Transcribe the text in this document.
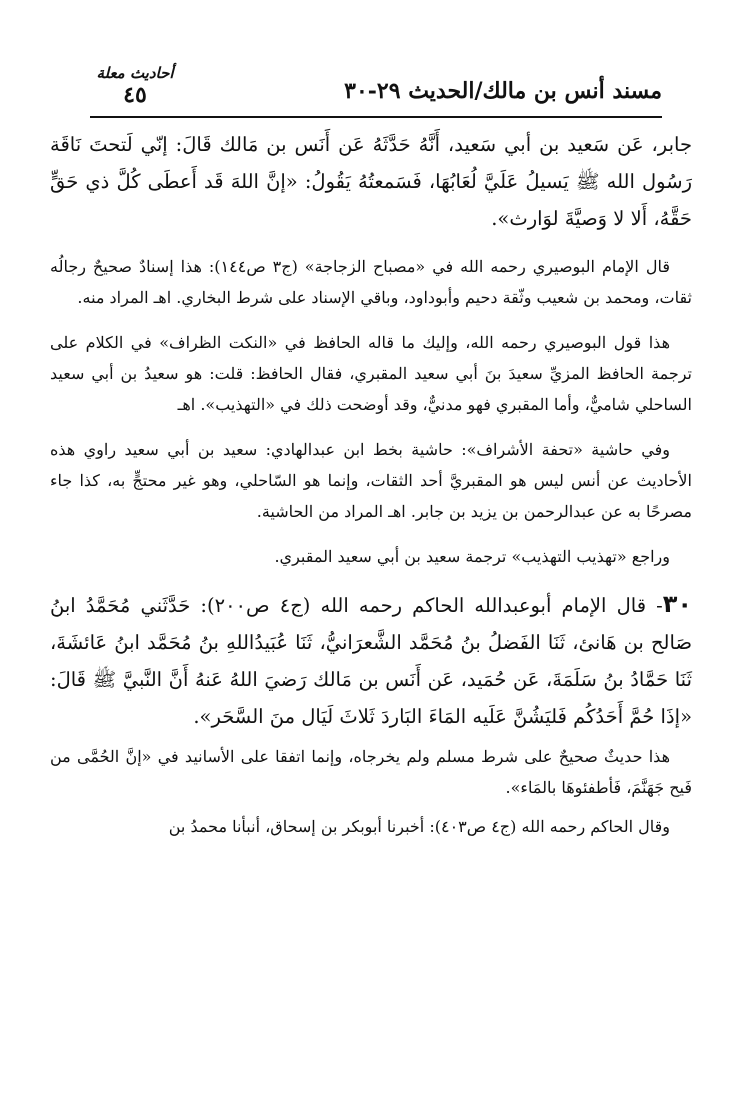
مسند أنس بن مالك/الحديث ٢٩-٣٠
أحاديث معلة
٤٥

جابر، عَن سَعيد بن أبي سَعيد، أَنَّهُ حَدَّثَهُ عَن أَنَس بن مَالك قَالَ: إنّي لَتحتَ نَاقَة رَسُول الله ﷺ يَسيلُ عَلَيَّ لُعَابُهَا، فَسَمعتُهُ يَقُولُ: «إنَّ اللهَ قَد أَعطَى كُلَّ ذي حَقٍّ حَقَّهُ، أَلا لا وَصيَّةَ لوَارث».

قال الإمام البوصيري رحمه الله في «مصباح الزجاجة» (ج٣ ص١٤٤): هذا إسنادٌ صحيحٌ رجالُه ثقات، ومحمد بن شعيب وثّقة دحيم وأبوداود، وباقي الإسناد على شرط البخاري. اهـ المراد منه.

هذا قول البوصيري رحمه الله، وإليك ما قاله الحافظ في «النكت الظراف» في الكلام على ترجمة الحافظ المزيِّ سعيدَ بنَ أبي سعيد المقبري، فقال الحافظ: قلت: هو سعيدُ بن أبي سعيد الساحلي شاميٌّ، وأما المقبري فهو مدنيٌّ، وقد أوضحت ذلك في «التهذيب». اهـ

وفي حاشية «تحفة الأشراف»: حاشية بخط ابن عبدالهادي: سعيد بن أبي سعيد راوي هذه الأحاديث عن أنس ليس هو المقبريَّ أحد الثقات، وإنما هو السّاحلي، وهو غير محتجٍّ به، كذا جاء مصرحًا به عن عبدالرحمن بن يزيد بن جابر. اهـ المراد من الحاشية.

وراجع «تهذيب التهذيب» ترجمة سعيد بن أبي سعيد المقبري.

٣٠- قال الإمام أبوعبدالله الحاكم رحمه الله (ج٤ ص٢٠٠): حَدَّثَني مُحَمَّدُ ابنُ صَالح بن هَانئ، ثَنَا الفَضلُ بنُ مُحَمَّد الشَّعرَانيُّ، ثَنَا عُبَيدُاللهِ بنُ مُحَمَّد ابنُ عَائشَةَ، ثَنَا حَمَّادُ بنُ سَلَمَةَ، عَن حُمَيد، عَن أَنَس بن مَالك رَضيَ اللهُ عَنهُ أَنَّ النَّبيَّ ﷺ قَالَ: «إذَا حُمَّ أَحَدُكُم فَليَشُنَّ عَلَيه المَاءَ البَاردَ ثَلاثَ لَيَال منَ السَّحَر».

هذا حديثٌ صحيحٌ على شرط مسلم ولم يخرجاه، وإنما اتفقا على الأسانيد في «إنَّ الحُمَّى من فَيح جَهَنَّمَ، فَأطفئوهَا بالمَاء».

وقال الحاكم رحمه الله (ج٤ ص٤٠٣): أخبرنا أبوبكر بن إسحاق، أنبأنا محمدُ بن
